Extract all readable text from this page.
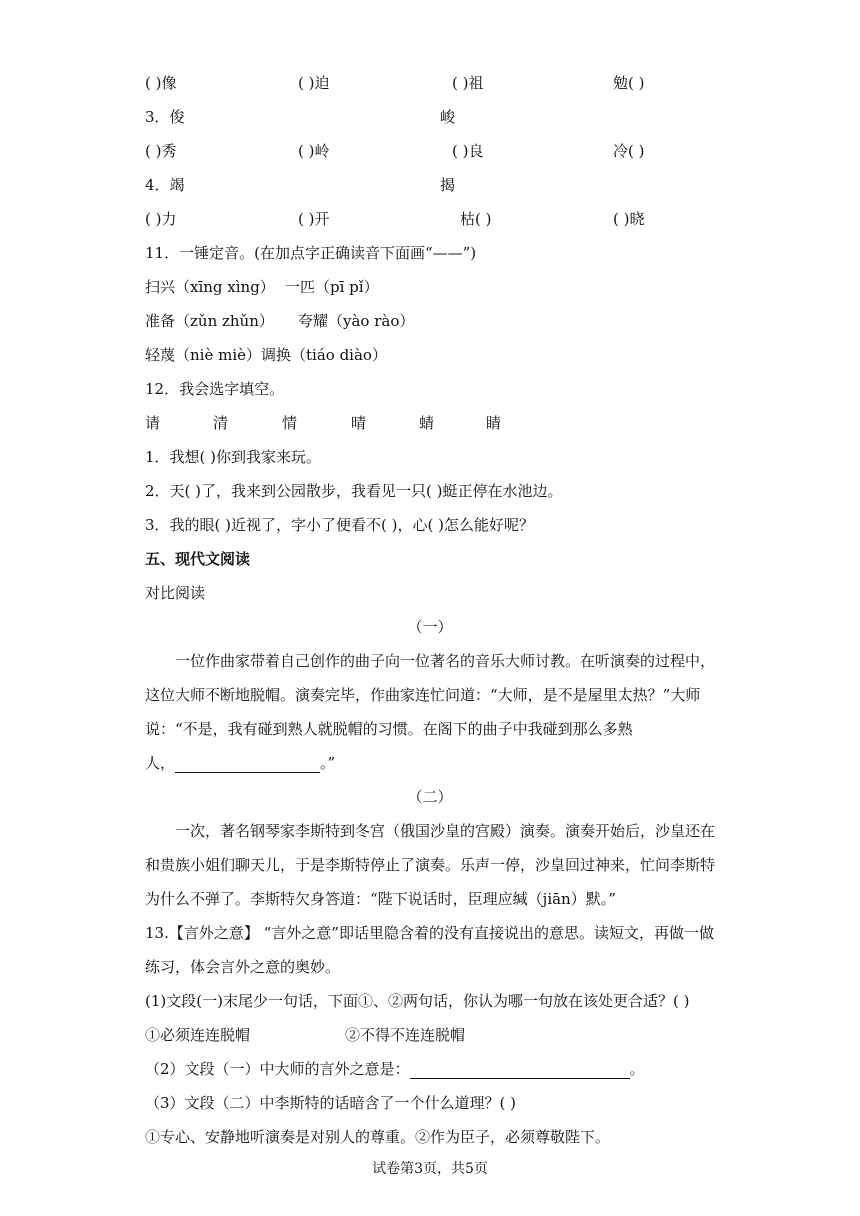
( )像	( )迫	( )祖	勉( )
3．俊	峻
( )秀	( )岭	( )良	冷( )
4．竭	揭
( )力	( )开	枯( )	( )晓
11．一锤定音。(在加点字正确读音下面画“——”)
扫兴（xīng xìng） 一匹（pī pǐ）
准备（zǔn zhǔn） 夸耀（yào rào）
轻蔑（niè miè）调换（tiáo diào）
12．我会选字填空。
请	清	情	晴	蜻	睛
1．我想( )你到我家来玩。
2．天( )了，我来到公园散步，我看见一只( )蜓正停在水池边。
3．我的眼( )近视了，字小了便看不( )，心( )怎么能好呢？
五、现代文阅读
对比阅读
（一）
一位作曲家带着自己创作的曲子向一位著名的音乐大师讨教。在听演奏的过程中，
这位大师不断地脱帽。演奏完毕，作曲家连忙问道：“大师，是不是屋里太热？”大师
说：“不是，我有碰到熟人就脱帽的习惯。在阁下的曲子中我碰到那么多熟
人，	。”
（二）
一次，著名钢琴家李斯特到冬宫（俄国沙皇的宫殿）演奏。演奏开始后，沙皇还在
和贵族小姐们聊天儿，于是李斯特停止了演奏。乐声一停，沙皇回过神来，忙问李斯特
为什么不弹了。李斯特欠身答道：“陛下说话时，臣理应缄（jiān）默。”
13.【言外之意】 “言外之意”即话里隐含着的没有直接说出的意思。读短文，再做一做
练习，体会言外之意的奥妙。
(1)文段(一)末尾少一句话，下面①、②两句话，你认为哪一句放在该处更合适？( )
①必须连连脱帽	②不得不连连脱帽
（2）文段（一）中大师的言外之意是：	。
（3）文段（二）中李斯特的话暗含了一个什么道理？( )
①专心、安静地听演奏是对别人的尊重。②作为臣子，必须尊敬陛下。
试卷第3页，共5页
